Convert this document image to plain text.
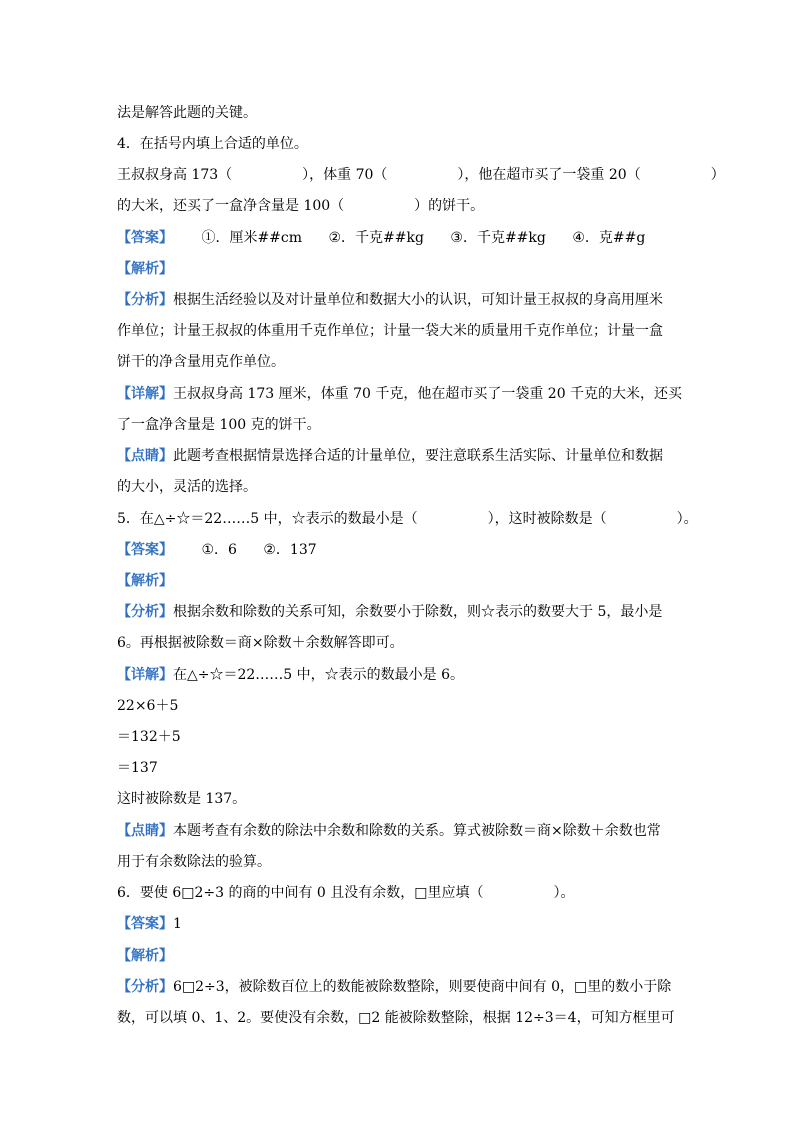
法是解答此题的关键。
4．在括号内填上合适的单位。
王叔叔身高 173（　　　　　），体重 70（　　　　　），他在超市买了一袋重 20（　　　　　）
的大米，还买了一盒净含量是 100（　　　　　）的饼干。
【答案】 ①．厘米##cm ②．千克##kg ③．千克##kg ④．克##g
【解析】
【分析】根据生活经验以及对计量单位和数据大小的认识，可知计量王叔叔的身高用厘米
作单位；计量王叔叔的体重用千克作单位；计量一袋大米的质量用千克作单位；计量一盒
饼干的净含量用克作单位。
【详解】王叔叔身高 173 厘米，体重 70 千克，他在超市买了一袋重 20 千克的大米，还买
了一盒净含量是 100 克的饼干。
【点睛】此题考查根据情景选择合适的计量单位，要注意联系生活实际、计量单位和数据
的大小，灵活的选择。
5．在△÷☆＝22……5 中，☆表示的数最小是（　　　　　），这时被除数是（　　　　　）。
【答案】 ①．6 ②．137
【解析】
【分析】根据余数和除数的关系可知，余数要小于除数，则☆表示的数要大于 5，最小是
6。再根据被除数＝商×除数＋余数解答即可。
【详解】在△÷☆＝22……5 中，☆表示的数最小是 6。
22×6＋5
＝132＋5
＝137
这时被除数是 137。
【点睛】本题考查有余数的除法中余数和除数的关系。算式被除数＝商×除数＋余数也常
用于有余数除法的验算。
6．要使 6□2÷3 的商的中间有 0 且没有余数，□里应填（　　　　　）。
【答案】1
【解析】
【分析】6□2÷3，被除数百位上的数能被除数整除，则要使商中间有 0，□里的数小于除
数，可以填 0、1、2。要使没有余数，□2 能被除数整除，根据 12÷3＝4，可知方框里可
